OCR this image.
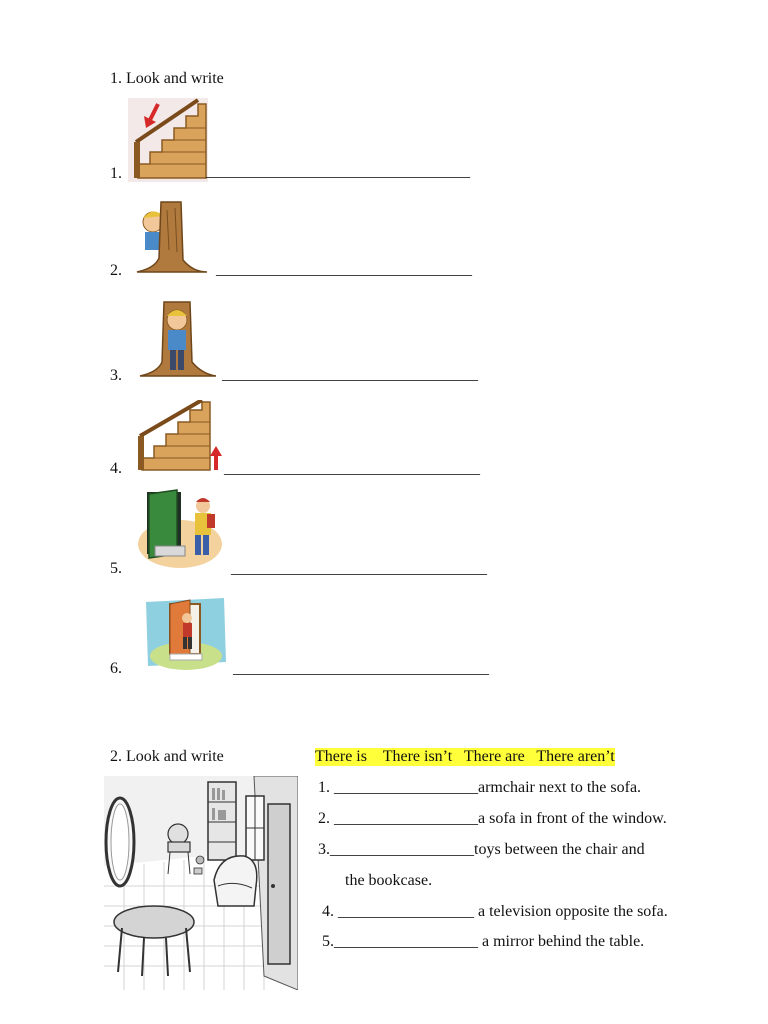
1. Look and write
1.	_________________________________
2.	________________________________
3.	________________________________
4.	________________________________
5.	________________________________
6.	________________________________
2. Look and write	There is    There isn’t   There are   There aren’t
1. __________________armchair next to the sofa.
2. __________________a sofa in front of the window.
3.__________________toys between the chair and
the bookcase.
4. _________________ a television opposite the sofa.
5.__________________ a mirror behind the table.
